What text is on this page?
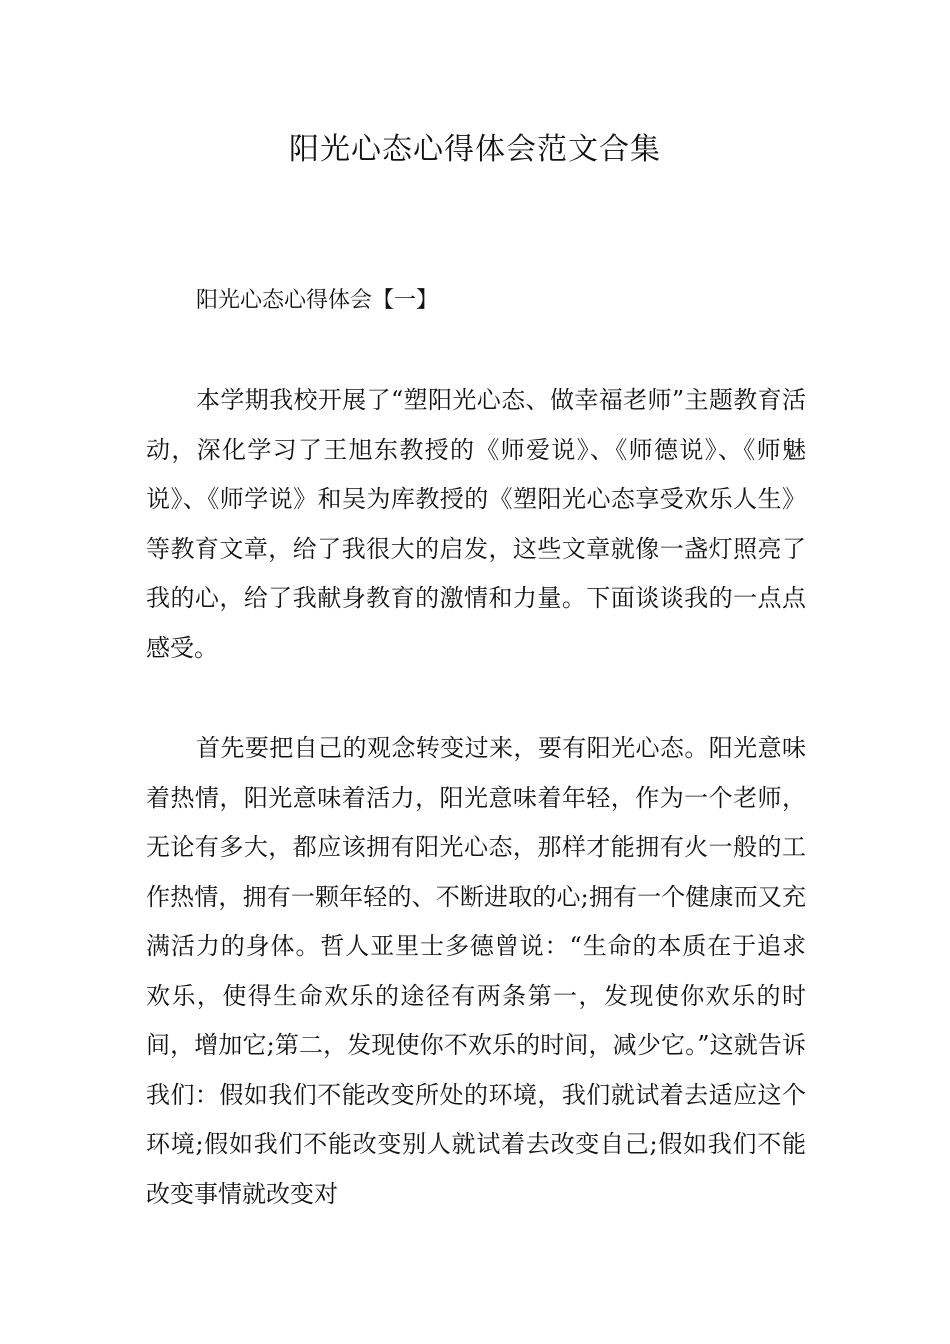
阳光心态心得体会范文合集
阳光心态心得体会【一】

本学期我校开展了“塑阳光心态、做幸福老师”主题教育活动，深化学习了王旭东教授的《师爱说》、《师德说》、《师魅说》、《师学说》和吴为库教授的《塑阳光心态享受欢乐人生》等教育文章，给了我很大的启发，这些文章就像一盏灯照亮了我的心，给了我献身教育的激情和力量。下面谈谈我的一点点感受。

首先要把自己的观念转变过来，要有阳光心态。阳光意味着热情，阳光意味着活力，阳光意味着年轻，作为一个老师，无论有多大，都应该拥有阳光心态，那样才能拥有火一般的工作热情，拥有一颗年轻的、不断进取的心;拥有一个健康而又充满活力的身体。哲人亚里士多德曾说：“生命的本质在于追求欢乐，使得生命欢乐的途径有两条第一，发现使你欢乐的时间，增加它;第二，发现使你不欢乐的时间，减少它。”这就告诉我们：假如我们不能改变所处的环境，我们就试着去适应这个环境;假如我们不能改变别人就试着去改变自己;假如我们不能改变事情就改变对
